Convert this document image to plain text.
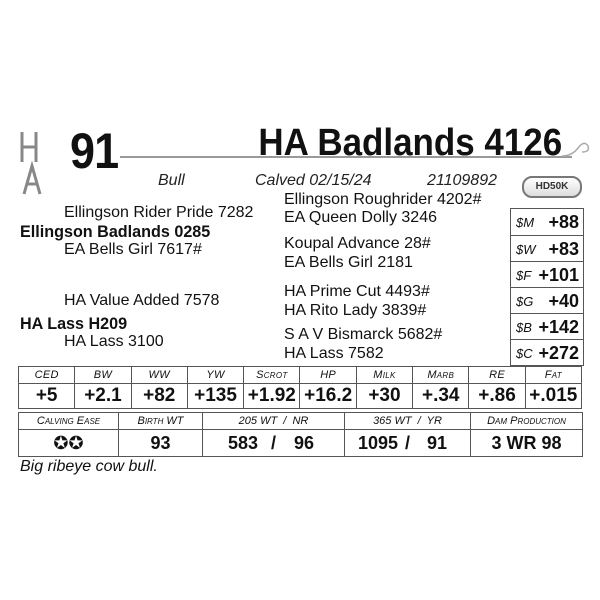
91	HA Badlands 4126
Bull	Calved 02/15/24	21109892	HD50K
Ellingson Rider Pride 7282
Ellingson Badlands 0285
EA Bells Girl 7617#
HA Value Added 7578
HA Lass H209
HA Lass 3100
Ellingson Roughrider 4202#
EA Queen Dolly 3246
Koupal Advance 28#
EA Bells Girl 2181
HA Prime Cut 4493#
HA Rito Lady 3839#
S A V Bismarck 5682#
HA Lass 7582
$M +88
$W +83
$F +101
$G +40
$B +142
$C +272
CED	BW	WW	YW	Scrot	HP	Milk	Marb	RE	Fat
+5	+2.1	+82	+135	+1.92	+16.2	+30	+.34	+.86	+.015
Calving Ease	Birth WT	205 WT  /  NR	365 WT  /  YR	Dam Production
✪✪	93	583 / 96	1095 / 91	3 WR 98
Big ribeye cow bull.
